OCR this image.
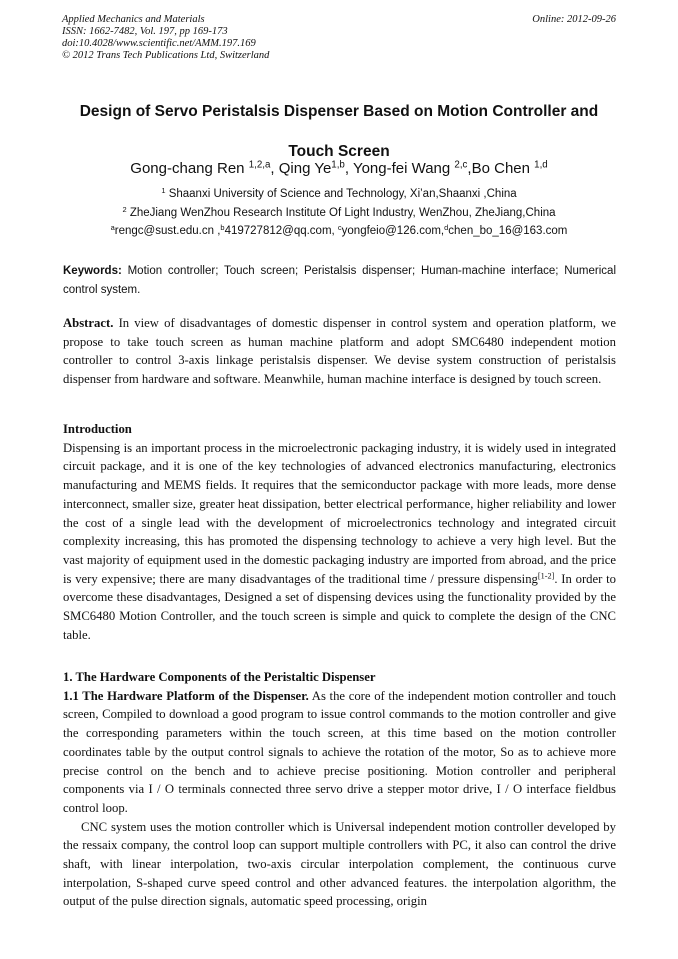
Applied Mechanics and Materials
ISSN: 1662-7482, Vol. 197, pp 169-173
doi:10.4028/www.scientific.net/AMM.197.169
© 2012 Trans Tech Publications Ltd, Switzerland
Online: 2012-09-26
Design of Servo Peristalsis Dispenser Based on Motion Controller and
Touch Screen
Gong-chang Ren $^{1,2,a}$, Qing Ye$^{1,b}$, Yong-fei Wang $^{2,c}$,Bo Chen $^{1,d}$
$^1$ Shaanxi University of Science and Technology, Xi’an,Shaanxi ,China
$^2$ ZheJiang WenZhou Research Institute Of Light Industry, WenZhou, ZheJiang,China
$^a$rengc@sust.edu.cn ,$^b$419727812@qq.com, $^c$yongfeio@126.com,$^d$chen_bo_16@163.com
Keywords: Motion controller; Touch screen; Peristalsis dispenser; Human-machine interface; Numerical control system.
Abstract. In view of disadvantages of domestic dispenser in control system and operation platform, we propose to take touch screen as human machine platform and adopt SMC6480 independent motion controller to control 3-axis linkage peristalsis dispenser. We devise system construction of peristalsis dispenser from hardware and software. Meanwhile, human machine interface is designed by touch screen.
Introduction
Dispensing is an important process in the microelectronic packaging industry, it is widely used in integrated circuit package, and it is one of the key technologies of advanced electronics manufacturing, electronics manufacturing and MEMS fields. It requires that the semiconductor package with more leads, more dense interconnect, smaller size, greater heat dissipation, better electrical performance, higher reliability and lower the cost of a single lead with the development of microelectronics technology and integrated circuit complexity increasing, this has promoted the dispensing technology to achieve a very high level. But the vast majority of equipment used in the domestic packaging industry are imported from abroad, and the price is very expensive; there are many disadvantages of the traditional time / pressure dispensing[1-2]. In order to overcome these disadvantages, Designed a set of dispensing devices using the functionality provided by the SMC6480 Motion Controller, and the touch screen is simple and quick to complete the design of the CNC table.
1. The Hardware Components of the Peristaltic Dispenser
1.1 The Hardware Platform of the Dispenser. As the core of the independent motion controller and touch screen, Compiled to download a good program to issue control commands to the motion controller and give the corresponding parameters within the touch screen, at this time based on the motion controller coordinates table by the output control signals to achieve the rotation of the motor, So as to achieve more precise control on the bench and to achieve precise positioning. Motion controller and peripheral components via I / O terminals connected three servo drive a stepper motor drive, I / O interface fieldbus control loop.
CNC system uses the motion controller which is Universal independent motion controller developed by the ressaix company, the control loop can support multiple controllers with PC, it also can control the drive shaft, with linear interpolation, two-axis circular interpolation complement, the continuous curve interpolation, S-shaped curve speed control and other advanced features. the interpolation algorithm, the output of the pulse direction signals, automatic speed processing, origin
